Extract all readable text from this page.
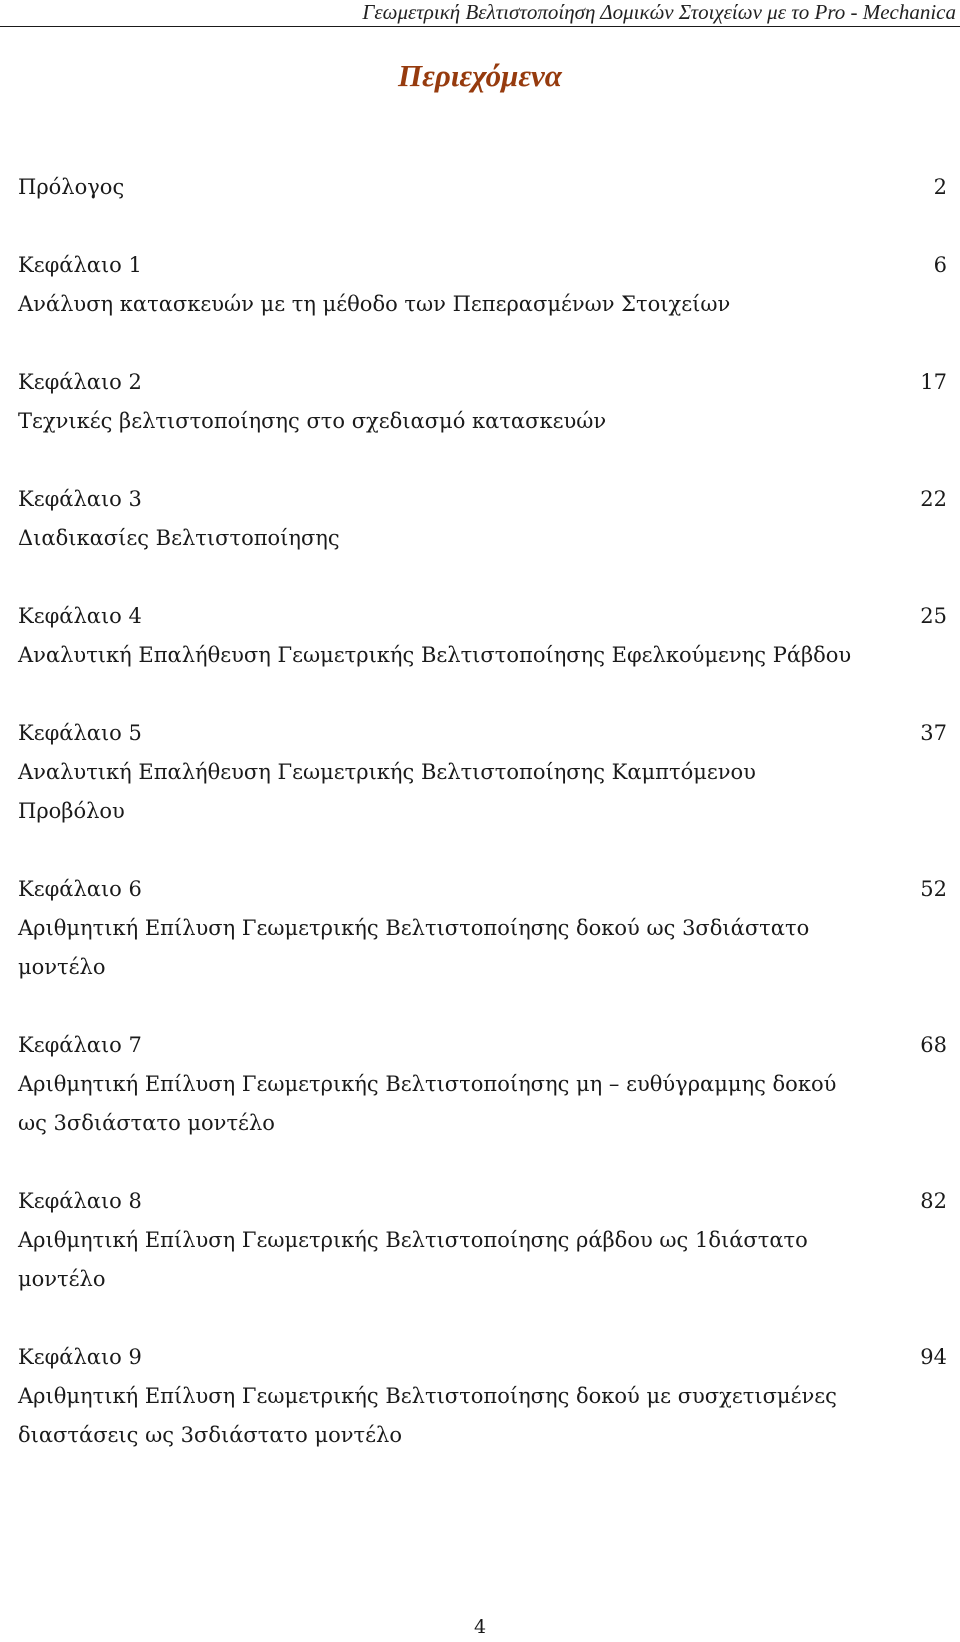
Γεωμετρική Βελτιστοποίηση Δομικών Στοιχείων με το Pro - Mechanica
Περιεχόμενα
Πρόλογος	2
Κεφάλαιο 1
Ανάλυση κατασκευών με τη μέθοδο των Πεπερασμένων Στοιχείων
6
Κεφάλαιο 2
Τεχνικές βελτιστοποίησης στο σχεδιασμό κατασκευών
17
Κεφάλαιο 3
Διαδικασίες Βελτιστοποίησης
22
Κεφάλαιο 4
Αναλυτική Επαλήθευση Γεωμετρικής Βελτιστοποίησης Εφελκούμενης Ράβδου
25
Κεφάλαιο 5
Αναλυτική Επαλήθευση Γεωμετρικής Βελτιστοποίησης Καμπτόμενου Προβόλου
37
Κεφάλαιο 6
Αριθμητική Επίλυση Γεωμετρικής Βελτιστοποίησης δοκού ως 3σδιάστατο μοντέλο
52
Κεφάλαιο 7
Αριθμητική Επίλυση Γεωμετρικής Βελτιστοποίησης μη – ευθύγραμμης δοκού ως 3σδιάστατο μοντέλο
68
Κεφάλαιο 8
Αριθμητική Επίλυση Γεωμετρικής Βελτιστοποίησης ράβδου ως 1διάστατο μοντέλο
82
Κεφάλαιο 9
Αριθμητική Επίλυση Γεωμετρικής Βελτιστοποίησης δοκού με συσχετισμένες διαστάσεις ως 3σδιάστατο μοντέλο
94
4
